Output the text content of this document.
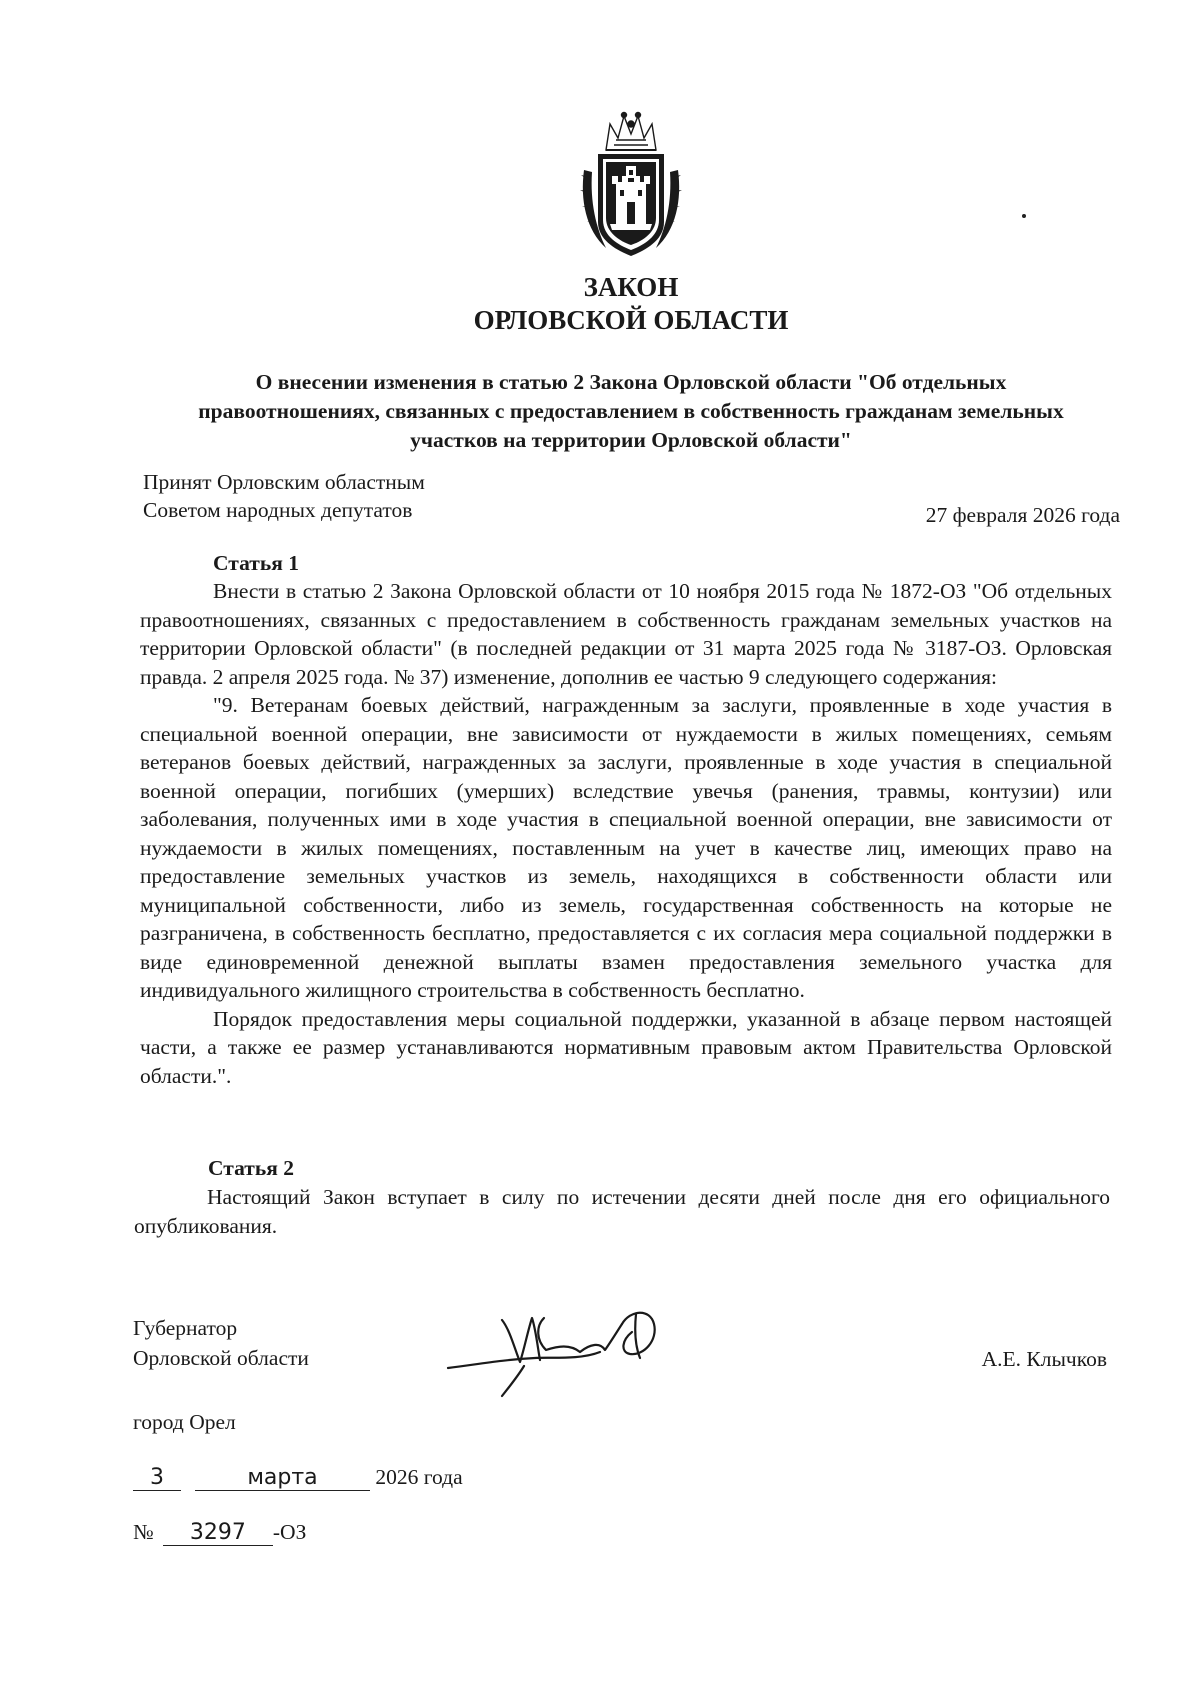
ЗАКОН
ОРЛОВСКОЙ ОБЛАСТИ
О внесении изменения в статью 2 Закона Орловской области "Об отдельных правоотношениях, связанных с предоставлением в собственность гражданам земельных участков на территории Орловской области"
Принят Орловским областным
Советом народных депутатов	27 февраля 2026 года
Статья 1

Внести в статью 2 Закона Орловской области от 10 ноября 2015 года № 1872-ОЗ "Об отдельных правоотношениях, связанных с предоставлением в собственность гражданам земельных участков на территории Орловской области" (в последней редакции от 31 марта 2025 года № 3187-ОЗ. Орловская правда. 2 апреля 2025 года. № 37) изменение, дополнив ее частью 9 следующего содержания:

"9. Ветеранам боевых действий, награжденным за заслуги, проявленные в ходе участия в специальной военной операции, вне зависимости от нуждаемости в жилых помещениях, семьям ветеранов боевых действий, награжденных за заслуги, проявленные в ходе участия в специальной военной операции, погибших (умерших) вследствие увечья (ранения, травмы, контузии) или заболевания, полученных ими в ходе участия в специальной военной операции, вне зависимости от нуждаемости в жилых помещениях, поставленным на учет в качестве лиц, имеющих право на предоставление земельных участков из земель, находящихся в собственности области или муниципальной собственности, либо из земель, государственная собственность на которые не разграничена, в собственность бесплатно, предоставляется с их согласия мера социальной поддержки в виде единовременной денежной выплаты взамен предоставления земельного участка для индивидуального жилищного строительства в собственность бесплатно.

Порядок предоставления меры социальной поддержки, указанной в абзаце первом настоящей части, а также ее размер устанавливаются нормативным правовым актом Правительства Орловской области.".

Статья 2

Настоящий Закон вступает в силу по истечении десяти дней после дня его официального опубликования.

Губернатор
Орловской области	А.Е. Клычков
город Орел
3	марта	2026 года
№ 3297 -ОЗ
